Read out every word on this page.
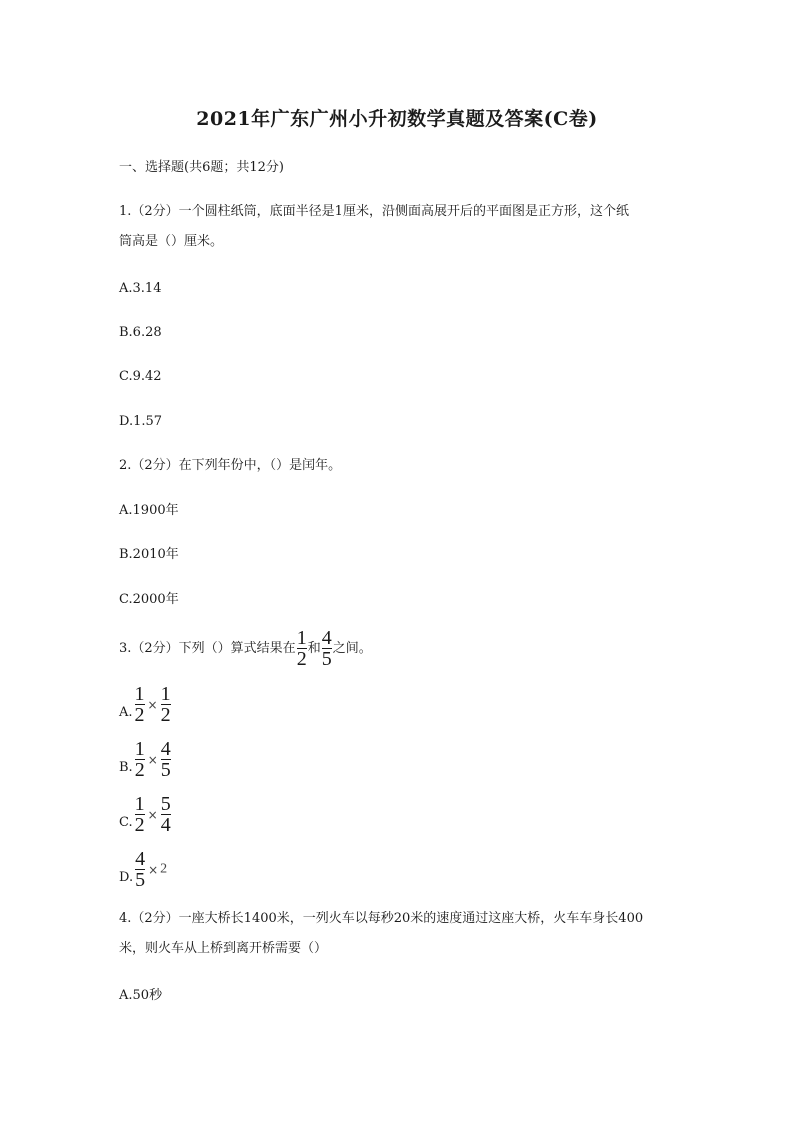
2021年广东广州小升初数学真题及答案(C卷)
一、选择题(共6题；共12分)
1.（2分）一个圆柱纸筒，底面半径是1厘米，沿侧面高展开后的平面图是正方形，这个纸
筒高是（）厘米。
A.3.14
B.6.28
C.9.42
D.1.57
2.（2分）在下列年份中，（）是闰年。
A.1900年
B.2010年
C.2000年
3.（2分）下列（）算式结果在 $\frac{1}{2}$ 和 $\frac{4}{5}$ 之间。
A. $\frac{1}{2} \times \frac{1}{2}$
B. $\frac{1}{2} \times \frac{4}{5}$
C. $\frac{1}{2} \times \frac{5}{4}$
D. $\frac{4}{5} \times 2$
4.（2分）一座大桥长1400米，一列火车以每秒20米的速度通过这座大桥，火车车身长400
米，则火车从上桥到离开桥需要（）
A.50秒
